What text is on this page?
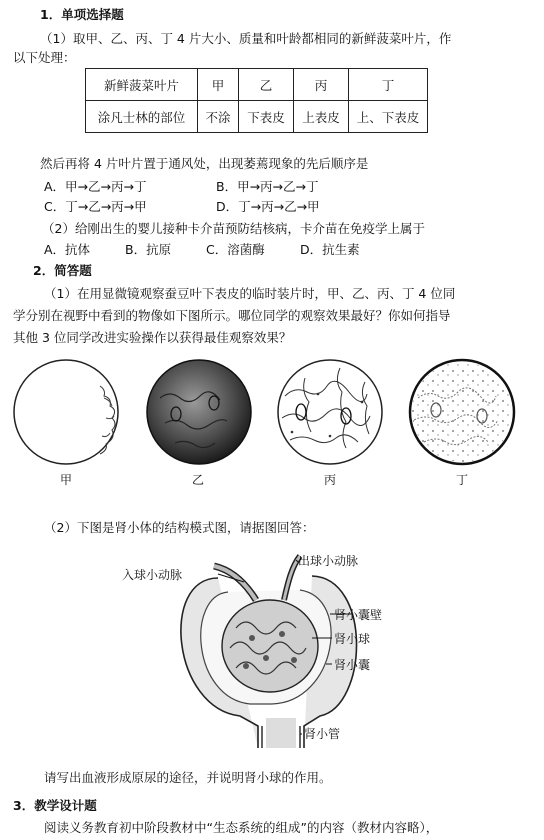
1．单项选择题
（1）取甲、乙、丙、丁 4 片大小、质量和叶龄都相同的新鲜菠菜叶片，作
以下处理：
新鲜菠菜叶片	甲	乙	丙	丁
涂凡士林的部位	不涂	下表皮	上表皮	上、下表皮
然后再将 4 片叶片置于通风处，出现萎蔫现象的先后顺序是
A．甲→乙→丙→丁	B．甲→丙→乙→丁
C．丁→乙→丙→甲	D．丁→丙→乙→甲
（2）给刚出生的婴儿接种卡介苗预防结核病，卡介苗在免疫学上属于
A．抗体	B．抗原	C．溶菌酶	D．抗生素
2．简答题
（1）在用显微镜观察蚕豆叶下表皮的临时装片时，甲、乙、丙、丁 4 位同
学分别在视野中看到的物像如下图所示。哪位同学的观察效果最好？你如何指导
其他 3 位同学改进实验操作以获得最佳观察效果？
甲	乙	丙	丁
（2）下图是肾小体的结构模式图，请据图回答：
入球小动脉
出球小动脉
肾小囊壁
肾小球
肾小囊
肾小管
请写出血液形成原尿的途径，并说明肾小球的作用。
3．教学设计题
阅读义务教育初中阶段教材中“生态系统的组成”的内容（教材内容略），
